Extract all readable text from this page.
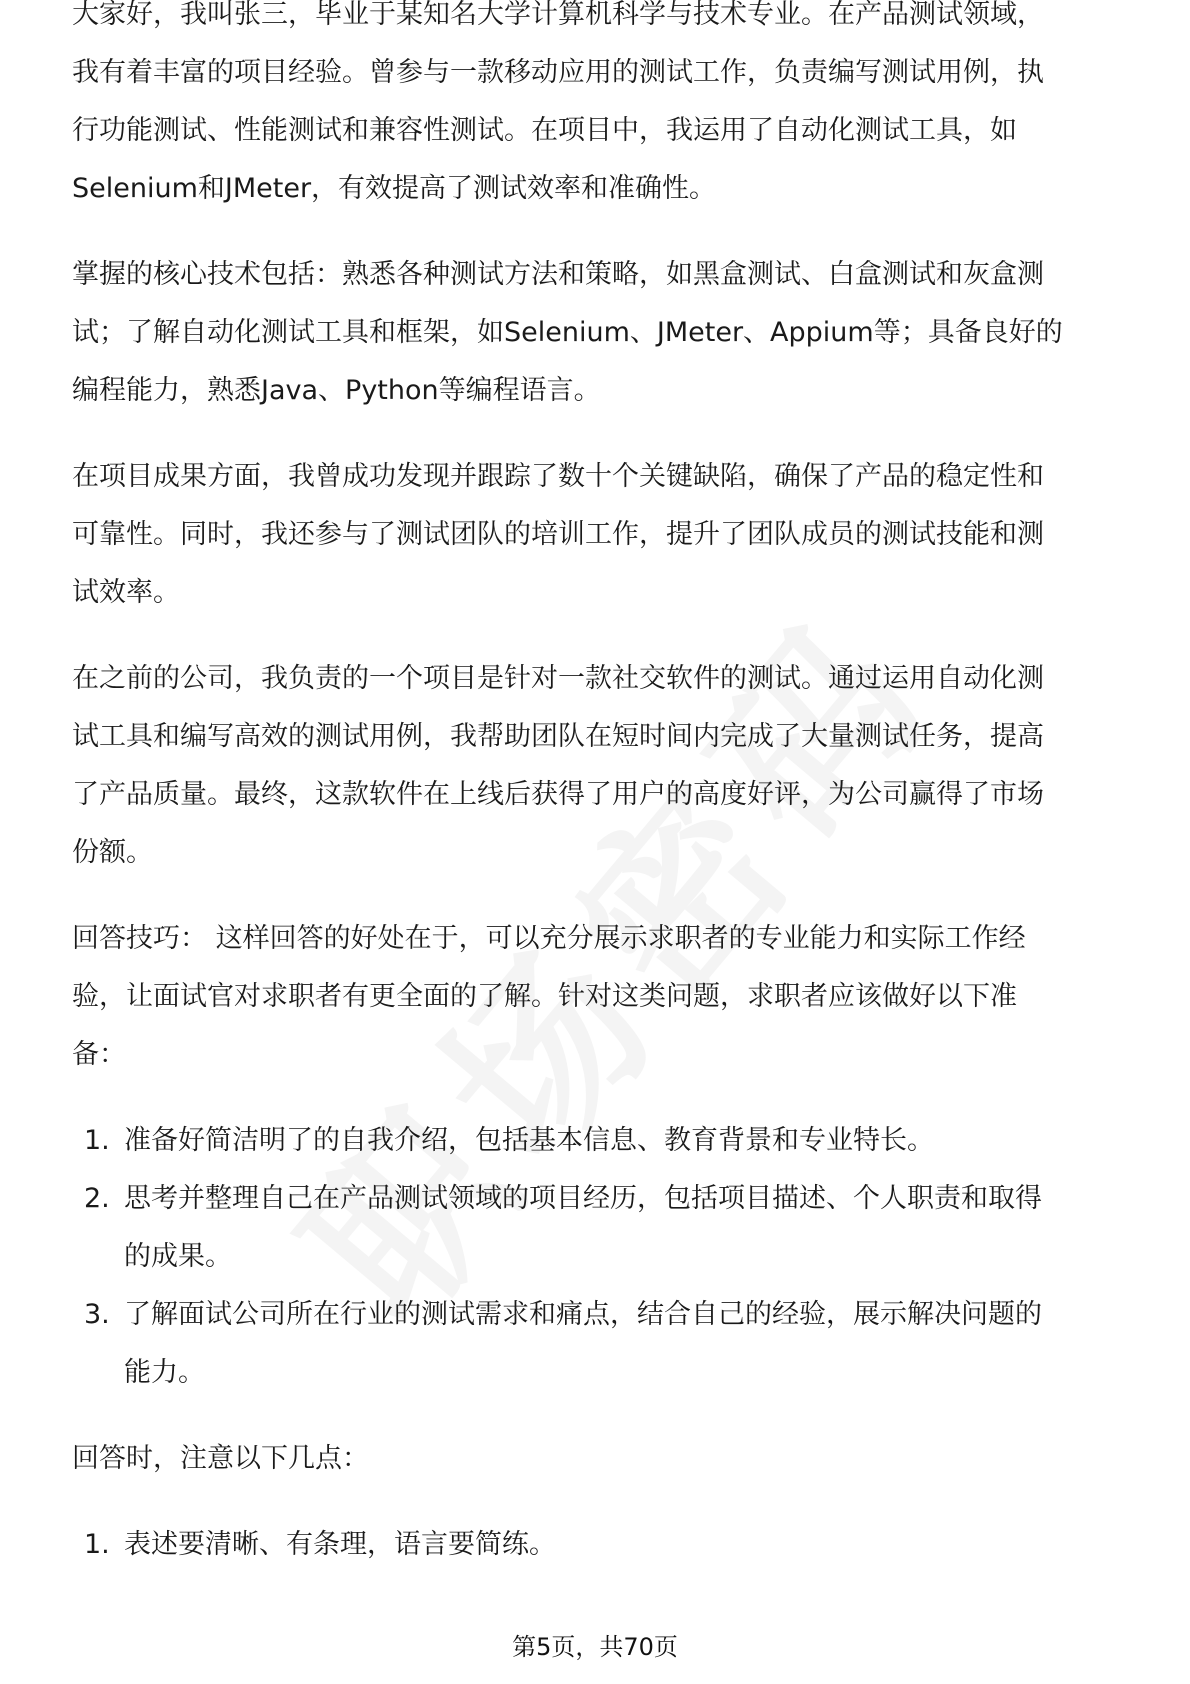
大家好，我叫张三，毕业于某知名大学计算机科学与技术专业。在产品测试领域，
我有着丰富的项目经验。曾参与一款移动应用的测试工作，负责编写测试用例，执
行功能测试、性能测试和兼容性测试。在项目中，我运用了自动化测试工具，如
Selenium和JMeter，有效提高了测试效率和准确性。
掌握的核心技术包括：熟悉各种测试方法和策略，如黑盒测试、白盒测试和灰盒测
试；了解自动化测试工具和框架，如Selenium、JMeter、Appium等；具备良好的
编程能力，熟悉Java、Python等编程语言。
在项目成果方面，我曾成功发现并跟踪了数十个关键缺陷，确保了产品的稳定性和
可靠性。同时，我还参与了测试团队的培训工作，提升了团队成员的测试技能和测
试效率。
在之前的公司，我负责的一个项目是针对一款社交软件的测试。通过运用自动化测
试工具和编写高效的测试用例，我帮助团队在短时间内完成了大量测试任务，提高
了产品质量。最终，这款软件在上线后获得了用户的高度好评，为公司赢得了市场
份额。
回答技巧： 这样回答的好处在于，可以充分展示求职者的专业能力和实际工作经
验，让面试官对求职者有更全面的了解。针对这类问题，求职者应该做好以下准
备：
1. 准备好简洁明了的自我介绍，包括基本信息、教育背景和专业特长。
2. 思考并整理自己在产品测试领域的项目经历，包括项目描述、个人职责和取得
的成果。
3. 了解面试公司所在行业的测试需求和痛点，结合自己的经验，展示解决问题的
能力。
回答时，注意以下几点：
1. 表述要清晰、有条理，语言要简练。
第5页，共70页
